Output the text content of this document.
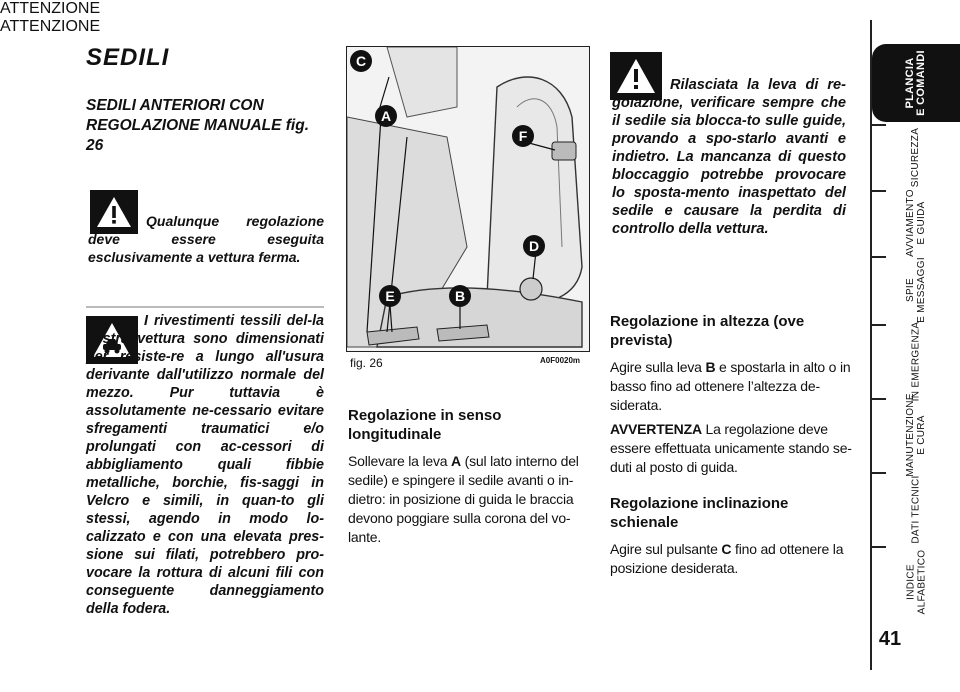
SEDILI
SEDILI ANTERIORI CON REGOLAZIONE MANUALE fig. 26
ATTENZIONE

Qualunque regolazione deve essere eseguita esclusivamente a vettura ferma.

I rivestimenti tessili del-la vostra vettura sono dimensionati per resiste-re a lungo all'usura derivante dall'utilizzo normale del mezzo. Pur tuttavia è assolutamente ne-cessario evitare sfregamenti traumatici e/o prolungati con ac-cessori di abbigliamento quali fibbie metalliche, borchie, fis-saggi in Velcro e simili, in quan-to gli stessi, agendo in modo lo-calizzato e con una elevata pres-sione sui filati, potrebbero pro-vocare la rottura di alcuni fili con conseguente danneggiamento della fodera.

C
A
F
D
E	B

fig. 26	A0F0020m

Regolazione in senso longitudinale

Sollevare la leva A (sul lato interno del sedile) e spingere il sedile avanti o in-dietro: in posizione di guida le braccia devono poggiare sulla corona del vo-lante.

ATTENZIONE

Rilasciata la leva di re-golazione, verificare sempre che il sedile sia blocca-to sulle guide, provando a spo-starlo avanti e indietro. La mancanza di questo bloccaggio potrebbe provocare lo sposta-mento inaspettato del sedile e causare la perdita di controllo della vettura.

Regolazione in altezza (ove prevista)

Agire sulla leva B e spostarla in alto o in basso fino ad ottenere l’altezza de-siderata.

AVVERTENZA La regolazione deve essere effettuata unicamente stando se-duti al posto di guida.

Regolazione inclinazione schienale

Agire sul pulsante C fino ad ottenere la posizione desiderata.

PLANCIA
E COMANDI
SICUREZZA
AVVIAMENTO
E GUIDA
SPIE
E MESSAGGI
IN EMERGENZA
MANUTENZIONE
E CURA
DATI TECNICI
INDICE
ALFABETICO

41
